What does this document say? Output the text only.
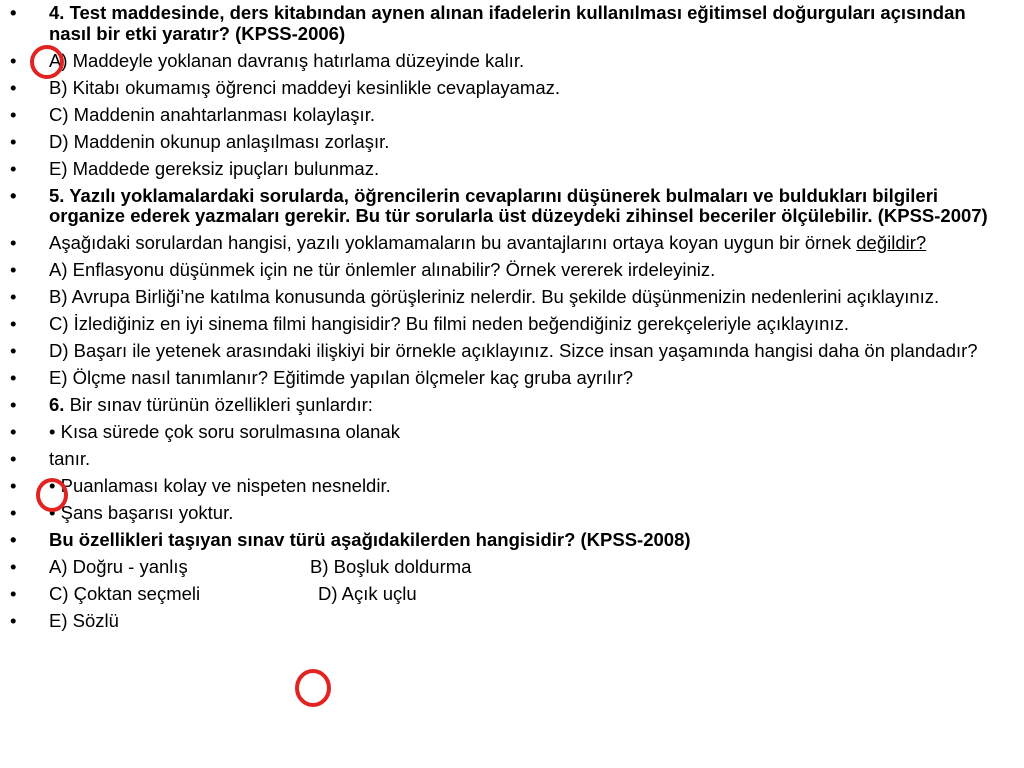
• 4. Test maddesinde, ders kitabından aynen alınan ifadelerin kullanılması eğitimsel doğurguları açısından nasıl bir etki yaratır? (KPSS-2006)
• A) Maddeyle yoklanan davranış hatırlama düzeyinde kalır.
• B) Kitabı okumamış öğrenci maddeyi kesinlikle cevaplayamaz.
• C) Maddenin anahtarlanması kolaylaşır.
• D) Maddenin okunup anlaşılması zorlaşır.
• E) Maddede gereksiz ipuçları bulunmaz.
• 5. Yazılı yoklamalardaki sorularda, öğrencilerin cevaplarını düşünerek bulmaları ve buldukları bilgileri organize ederek yazmaları gerekir. Bu tür sorularla üst düzeydeki zihinsel beceriler ölçülebilir. (KPSS-2007)
• Aşağıdaki sorulardan hangisi, yazılı yoklamamaların bu avantajlarını ortaya koyan uygun bir örnek değildir?
• A) Enflasyonu düşünmek için ne tür önlemler alınabilir? Örnek vererek irdeleyiniz.
• B) Avrupa Birliği’ne katılma konusunda görüşleriniz nelerdir. Bu şekilde düşünmenizin nedenlerini açıklayınız.
• C) İzlediğiniz en iyi sinema filmi hangisidir? Bu filmi neden beğendiğiniz gerekçeleriyle açıklayınız.
• D) Başarı ile yetenek arasındaki ilişkiyi bir örnekle açıklayınız. Sizce insan yaşamında hangisi daha ön plandadır?
• E) Ölçme nasıl tanımlanır? Eğitimde yapılan ölçmeler kaç gruba ayrılır?
• 6. Bir sınav türünün özellikleri şunlardır:
• • Kısa sürede çok soru sorulmasına olanak
• tanır.
• • Puanlaması kolay ve nispeten nesneldir.
• • Şans başarısı yoktur.
• Bu özellikleri taşıyan sınav türü aşağıdakilerden hangisidir? (KPSS-2008)
• A) Doğru - yanlış	B) Boşluk doldurma
• C) Çoktan seçmeli	D) Açık uçlu
• E) Sözlü
